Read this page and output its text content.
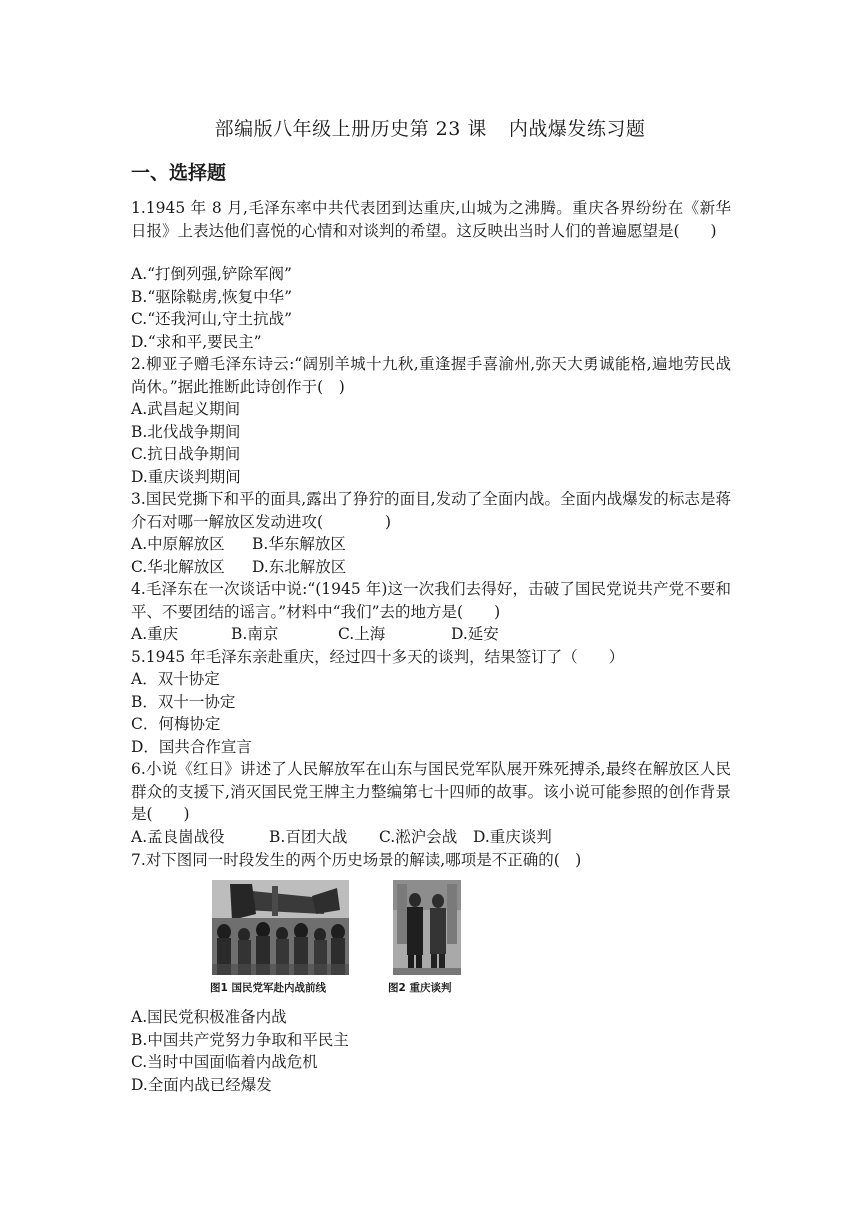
部编版八年级上册历史第 23 课 内战爆发练习题
一、选择题
1.1945 年 8 月,毛泽东率中共代表团到达重庆,山城为之沸腾。重庆各界纷纷在《新华日报》上表达他们喜悦的心情和对谈判的希望。这反映出当时人们的普遍愿望是(　　)
A.“打倒列强,铲除军阀”
B.“驱除鞑虏,恢复中华”
C.“还我河山,守土抗战”
D.“求和平,要民主”
2.柳亚子赠毛泽东诗云:“阔别羊城十九秋,重逢握手喜渝州,弥天大勇诚能格,遍地劳民战尚休。”据此推断此诗创作于(　)
A.武昌起义期间
B.北伐战争期间
C.抗日战争期间
D.重庆谈判期间
3.国民党撕下和平的面具,露出了狰狞的面目,发动了全面内战。全面内战爆发的标志是蒋介石对哪一解放区发动进攻(　　　　)
A.中原解放区 B.华东解放区
C.华北解放区 D.东北解放区
4.毛泽东在一次谈话中说:“(1945 年)这一次我们去得好，击破了国民党说共产党不要和平、不要团结的谣言。”材料中“我们”去的地方是(　　)
A.重庆	B.南京	C.上海	D.延安
5.1945 年毛泽东亲赴重庆，经过四十多天的谈判，结果签订了（　　）
A．双十协定
B．双十一协定
C．何梅协定
D．国共合作宣言
6.小说《红日》讲述了人民解放军在山东与国民党军队展开殊死搏杀,最终在解放区人民群众的支援下,消灭国民党王牌主力整编第七十四师的故事。该小说可能参照的创作背景是(　　)
A.孟良崮战役	B.百团大战 C.淞沪会战 D.重庆谈判
7.对下图同一时段发生的两个历史场景的解读,哪项是不正确的(　)
图1 国民党军赴内战前线	图2 重庆谈判
A.国民党积极准备内战
B.中国共产党努力争取和平民主
C.当时中国面临着内战危机
D.全面内战已经爆发
